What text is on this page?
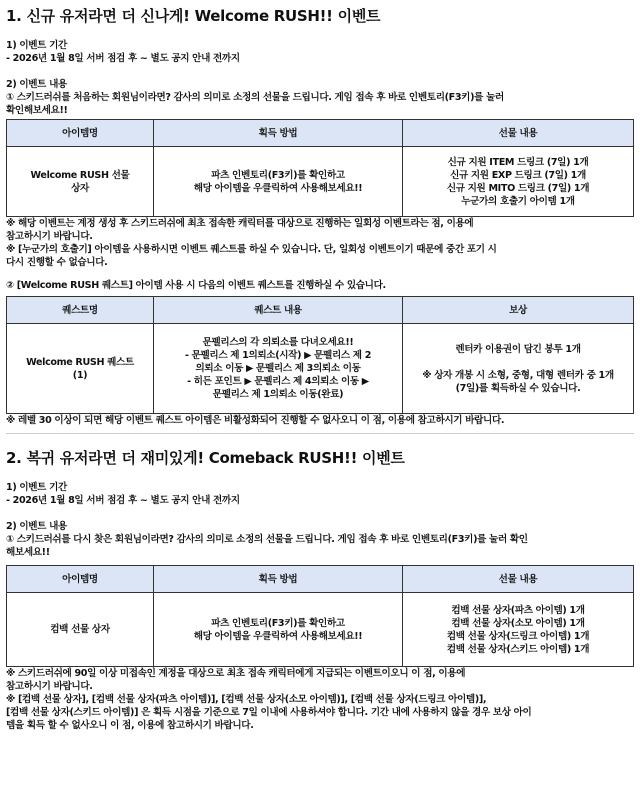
1. 신규 유저라면 더 신나게! Welcome RUSH!! 이벤트
1) 이벤트 기간
- 2026년 1월 8일 서버 점검 후 ~ 별도 공지 안내 전까지
2) 이벤트 내용
① 스키드러쉬를 처음하는 회원님이라면? 감사의 의미로 소정의 선물을 드립니다. 게임 접속 후 바로 인벤토리(F3키)를 눌러
확인해보세요!!
아이템명	획득 방법	선물 내용
Welcome RUSH 선물
상자	파츠 인벤토리(F3키)를 확인하고
해당 아이템을 우클릭하여 사용해보세요!!	신규 지원 ITEM 드링크 (7일) 1개
신규 지원 EXP 드링크 (7일) 1개
신규 지원 MITO 드링크 (7일) 1개
누군가의 호출기 아이템 1개
※ 해당 이벤트는 계정 생성 후 스키드러쉬에 최초 접속한 캐릭터를 대상으로 진행하는 일회성 이벤트라는 점, 이용에
참고하시기 바랍니다.
※ [누군가의 호출기] 아이템을 사용하시면 이벤트 퀘스트를 하실 수 있습니다. 단, 일회성 이벤트이기 때문에 중간 포기 시
다시 진행할 수 없습니다.
② [Welcome RUSH 퀘스트] 아이템 사용 시 다음의 이벤트 퀘스트를 진행하실 수 있습니다.
퀘스트명	퀘스트 내용	보상
Welcome RUSH 퀘스트
(1)	문펠리스의 각 의뢰소를 다녀오세요!!
- 문펠리스 제 1의뢰소(시작) ▶ 문펠리스 제 2
의뢰소 이동 ▶ 문펠리스 제 3의뢰소 이동
- 히든 포인트 ▶ 문펠리스 제 4의뢰소 이동 ▶
문펠리스 제 1의뢰소 이동(완료)	렌터카 이용권이 담긴 봉투 1개

※ 상자 개봉 시 소형, 중형, 대형 렌터카 중 1개
(7일)를 획득하실 수 있습니다.
※ 레벨 30 이상이 되면 해당 이벤트 퀘스트 아이템은 비활성화되어 진행할 수 없사오니 이 점, 이용에 참고하시기 바랍니다.
2. 복귀 유저라면 더 재미있게! Comeback RUSH!! 이벤트
1) 이벤트 기간
- 2026년 1월 8일 서버 점검 후 ~ 별도 공지 안내 전까지
2) 이벤트 내용
① 스키드러쉬를 다시 찾은 회원님이라면? 감사의 의미로 소정의 선물을 드립니다. 게임 접속 후 바로 인벤토리(F3키)를 눌러 확인
해보세요!!
아이템명	획득 방법	선물 내용
컴백 선물 상자	파츠 인벤토리(F3키)를 확인하고
해당 아이템을 우클릭하여 사용해보세요!!	컴백 선물 상자(파츠 아이템) 1개
컴백 선물 상자(소모 아이템) 1개
컴백 선물 상자(드링크 아이템) 1개
컴백 선물 상자(스키드 아이템) 1개
※ 스키드러쉬에 90일 이상 미접속인 계정을 대상으로 최초 접속 캐릭터에게 지급되는 이벤트이오니 이 점, 이용에
참고하시기 바랍니다.
※ [컴백 선물 상자], [컴백 선물 상자(파츠 아이템)], [컴백 선물 상자(소모 아이템)], [컴백 선물 상자(드링크 아이템)],
[컴백 선물 상자(스키드 아이템)] 은 획득 시점을 기준으로 7일 이내에 사용하셔야 합니다. 기간 내에 사용하지 않을 경우 보상 아이
템을 획득 할 수 없사오니 이 점, 이용에 참고하시기 바랍니다.
